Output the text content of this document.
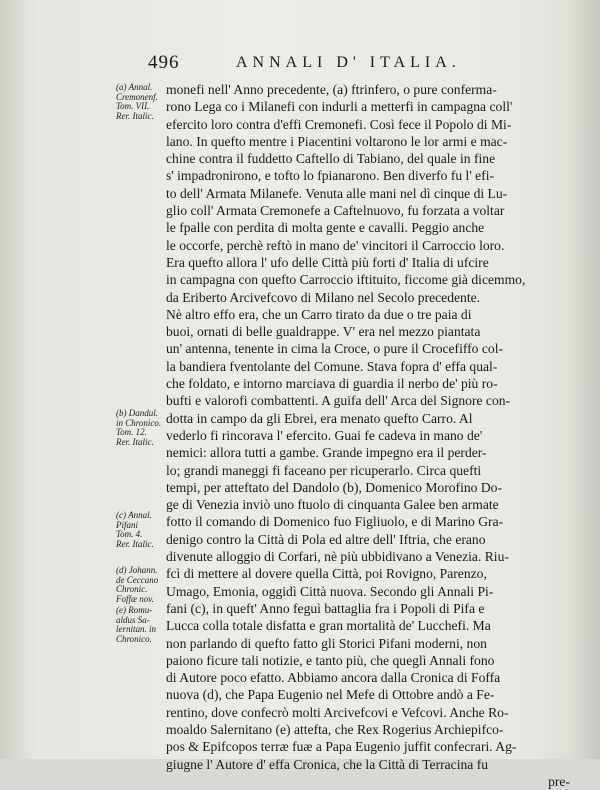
496	ANNALI D' ITALIA.
(a) Annal.
Cremonenf.
Tom. VII.
Rer. Italic.
(b) Dandul.
in Chronico.
Tom. 12.
Rer. Italic.
(c) Annal.
Pifani
Tom. 4.
Rer. Italic.
(d) Johann.
de Ceccano
Chronic.
Foffæ nov.
(e) Romu-
aldus Sa-
lernitan. in
Chronico.
monefi nell' Anno precedente, (a) ftrinfero, o pure conferma-
rono Lega co i Milanefi con indurli a metterfi in campagna coll'
efercito loro contra d'effi Cremonefi. Così fece il Popolo di Mi-
lano. In quefto mentre i Piacentini voltarono le lor armi e mac-
chine contra il fuddetto Caftello di Tabiano, del quale in fine
s' impadronirono, e tofto lo fpianarono. Ben diverfo fu l' efi-
to dell' Armata Milanefe. Venuta alle mani nel dì cinque di Lu-
glio coll' Armata Cremonefe a Caftelnuovo, fu forzata a voltar
le fpalle con perdita di molta gente e cavalli. Peggio anche
le occorfe, perchè reftò in mano de' vincitori il Carroccio loro.
Era quefto allora l' ufo delle Città più forti d' Italia di ufcire
in campagna con quefto Carroccio iftituito, ficcome già dicemmo,
da Eriberto Arcivefcovo di Milano nel Secolo precedente.
Nè altro effo era, che un Carro tirato da due o tre paia di
buoi, ornati di belle gualdrappe. V' era nel mezzo piantata
un' antenna, tenente in cima la Croce, o pure il Crocefiffo col-
la bandiera fventolante del Comune. Stava fopra d' effa qual-
che foldato, e intorno marciava di guardia il nerbo de' più ro-
bufti e valorofi combattenti. A guifa dell' Arca del Signore con-
dotta in campo da gli Ebrei, era menato quefto Carro. Al
vederlo fi rincorava l' efercito. Guai fe cadeva in mano de'
nemici: allora tutti a gambe. Grande impegno era il perder-
lo; grandi maneggi fi faceano per ricuperarlo. Circa quefti
tempi, per atteftato del Dandolo (b), Domenico Morofino Do-
ge di Venezia inviò uno ftuolo di cinquanta Galee ben armate
fotto il comando di Domenico fuo Figliuolo, e di Marino Gra-
denigo contro la Città di Pola ed altre dell' Iftria, che erano
divenute alloggio di Corfari, nè più ubbidivano a Venezia. Riu-
fcì di mettere al dovere quella Città, poi Rovigno, Parenzo,
Umago, Emonia, oggidì Città nuova. Secondo gli Annali Pi-
fani (c), in queft' Anno feguì battaglia fra i Popoli di Pifa e
Lucca colla totale disfatta e gran mortalità de' Lucchefi. Ma
non parlando di quefto fatto gli Storici Pifani moderni, non
paiono ficure tali notizie, e tanto più, che queglì Annali fono
di Autore poco efatto. Abbiamo ancora dalla Cronica di Foffa
nuova (d), che Papa Eugenio nel Mefe di Ottobre andò a Fe-
rentino, dove confecrò molti Arcivefcovi e Vefcovi. Anche Ro-
moaldo Salernitano (e) attefta, che Rex Rogerius Archiepifco-
pos & Epifcopos terræ fuæ a Papa Eugenio juffit confecrari. Ag-
giugne l' Autore d' effa Cronica, che la Città di Terracina fu
pre-
